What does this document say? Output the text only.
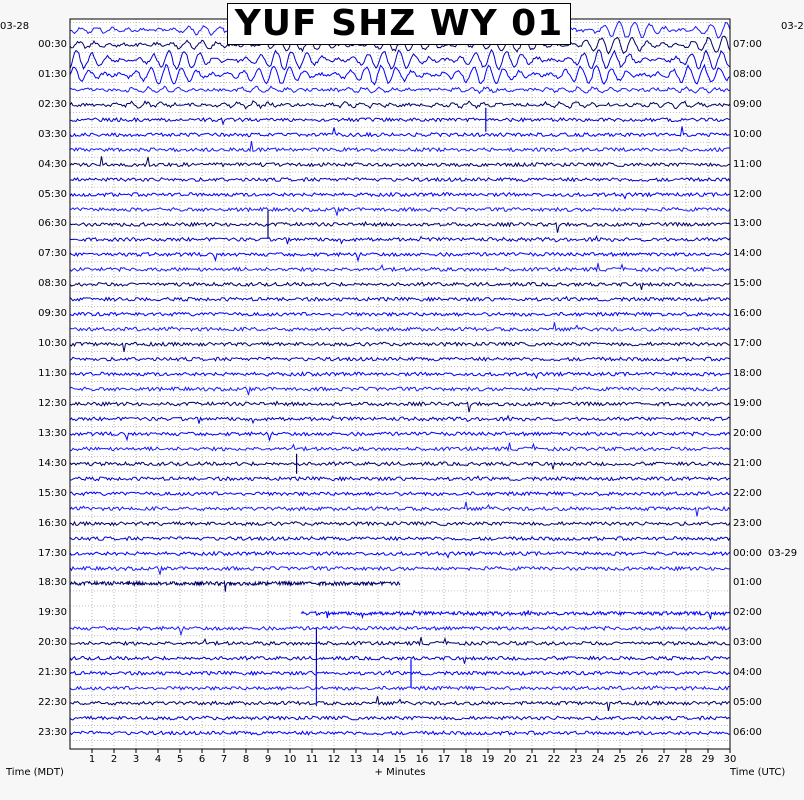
YUF SHZ WY 01
1	2	3	4	5	6	7	8	9	10 11 12 13 14 15 16 17 18 19 20 21 22 23 24 25 26 27 28 29 30
00:30
01:30
02:30
03:30
04:30
05:30
06:30
07:30
08:30
09:30
10:30
11:30
12:30
13:30
14:30
15:30
16:30
17:30
18:30
19:30
20:30
21:30
22:30
23:30
07:00
08:00
09:00
10:00
11:00
12:00
13:00
14:00
15:00
16:00
17:00
18:00
19:00
20:00
21:00
22:00
23:00
00:00
01:00
02:00
03:00
04:00
05:00
06:00
03-28	03-2
03-29
Time (MDT)	Time (UTC)
+ Minutes
